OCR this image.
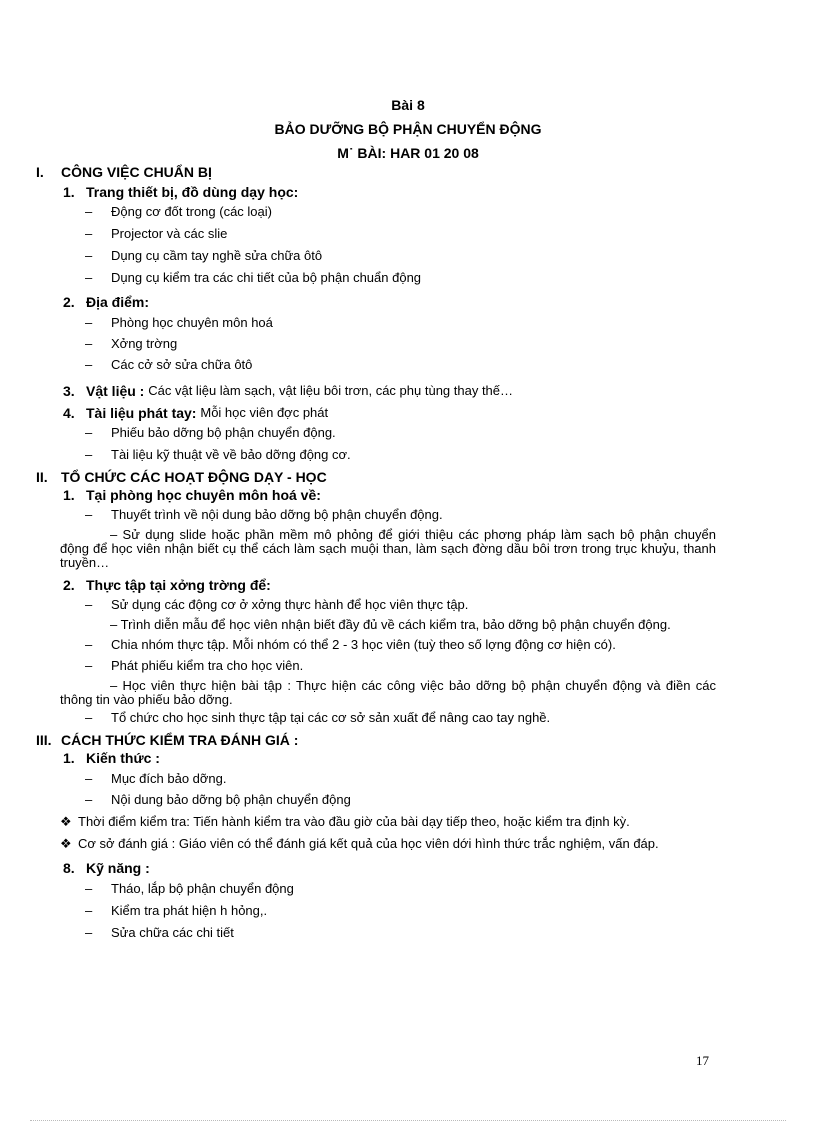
Bài 8
BẢO DƯỠNG BỘ PHẬN CHUYỂN ĐỘNG
M˙ BÀI: HAR 01 20 08
I.	CÔNG VIỆC CHUẨN BỊ
1. Trang thiết bị, đồ dùng dạy học:
–	Động cơ đốt trong (các loại)
–	Projector và các slie
–	Dụng cụ cầm tay nghề sửa chữa ôtô
–	Dụng cụ kiểm tra các chi tiết của bộ phận chuẩn động
2. Địa điểm:
–	Phòng học chuyên môn hoá
–	Xởng trờng
–	Các cở sở sửa chữa ôtô
3. Vật liệu :
Các vật liệu làm sạch, vật liệu bôi trơn, các phụ tùng thay thế…
4. Tài liệu phát tay:
Mỗi học viên đợc phát
–	Phiếu bảo dỡng bộ phận chuyển động.
–	Tài liệu kỹ thuật về về bảo dỡng động cơ.
II. TỔ CHỨC CÁC HOẠT ĐỘNG DẠY - HỌC
1. Tại phòng học chuyên môn hoá về:
–	Thuyết trình về nội dung bảo dỡng bộ phận chuyển động.
– Sử dụng slide hoặc phần mềm mô phỏng để giới thiệu các phơng pháp làm sạch bộ phận chuyển động để học viên nhận biết cụ thể cách làm sạch muội than, làm sạch đờng dầu bôi trơn trong trục khuỷu, thanh truyền…
2. Thực tập tại xởng trờng để:
–	Sử dụng các động cơ ở xởng thực hành để học viên thực tập.
– Trình diễn mẫu để học viên nhận biết đầy đủ về cách kiểm tra, bảo dỡng bộ phận chuyển động.
–	Chia nhóm thực tập. Mỗi nhóm có thể 2 - 3 học viên (tuỳ theo số lợng động cơ hiện có).
–	Phát phiếu kiểm tra cho học viên.
– Học viên thực hiện bài tập : Thực hiện các công việc bảo dỡng bộ phận chuyển động và điền các thông tin vào phiếu bảo dỡng.
–	Tổ chức cho học sinh thực tập tại các cơ sở sản xuất để nâng cao tay nghề.
III. CÁCH THỨC KIỂM TRA ĐÁNH GIÁ :
1. Kiến thức :
–	Mục đích bảo dỡng.
–	Nội dung bảo dỡng bộ phận chuyển động
❖ Thời điểm kiểm tra: Tiến hành kiểm tra vào đầu giờ của bài dạy tiếp theo, hoặc kiểm tra định kỳ.
❖ Cơ sở đánh giá : Giáo viên có thể đánh giá kết quả của học viên dới hình thức trắc nghiệm, vấn đáp.
8. Kỹ năng :
–	Tháo, lắp bộ phận chuyển động
–	Kiểm tra phát hiện h hỏng,.
–	Sửa chữa các chi tiết
17
